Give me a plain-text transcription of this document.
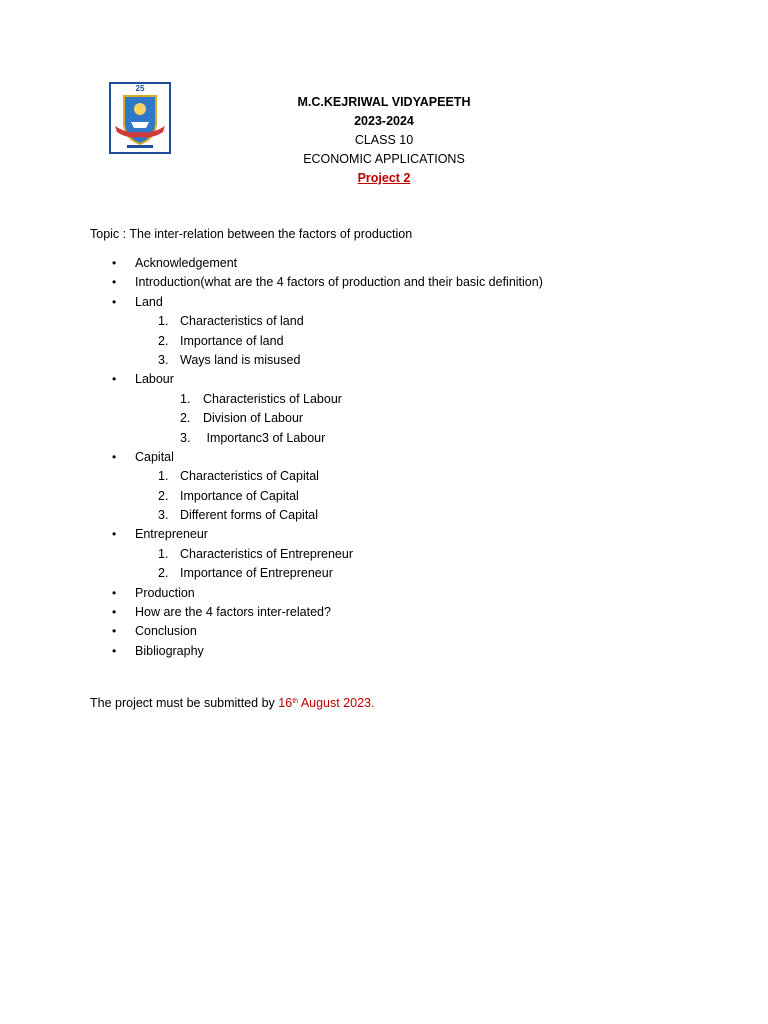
25
M.C.KEJRIWAL VIDYAPEETH
2023-2024
CLASS 10
ECONOMIC APPLICATIONS
Project 2
Topic : The inter-relation between the factors of production
• Acknowledgement
• Introduction(what are the 4 factors of production and their basic definition)
• Land
1. Characteristics of land
2. Importance of land
3. Ways land is misused
• Labour
1. Characteristics of Labour
2. Division of Labour
3. Importanc3 of Labour
• Capital
1. Characteristics of Capital
2. Importance of Capital
3. Different forms of Capital
• Entrepreneur
1. Characteristics of Entrepreneur
2. Importance of Entrepreneur
• Production
• How are the 4 factors inter-related?
• Conclusion
• Bibliography
The project must be submitted by 16th August 2023.
